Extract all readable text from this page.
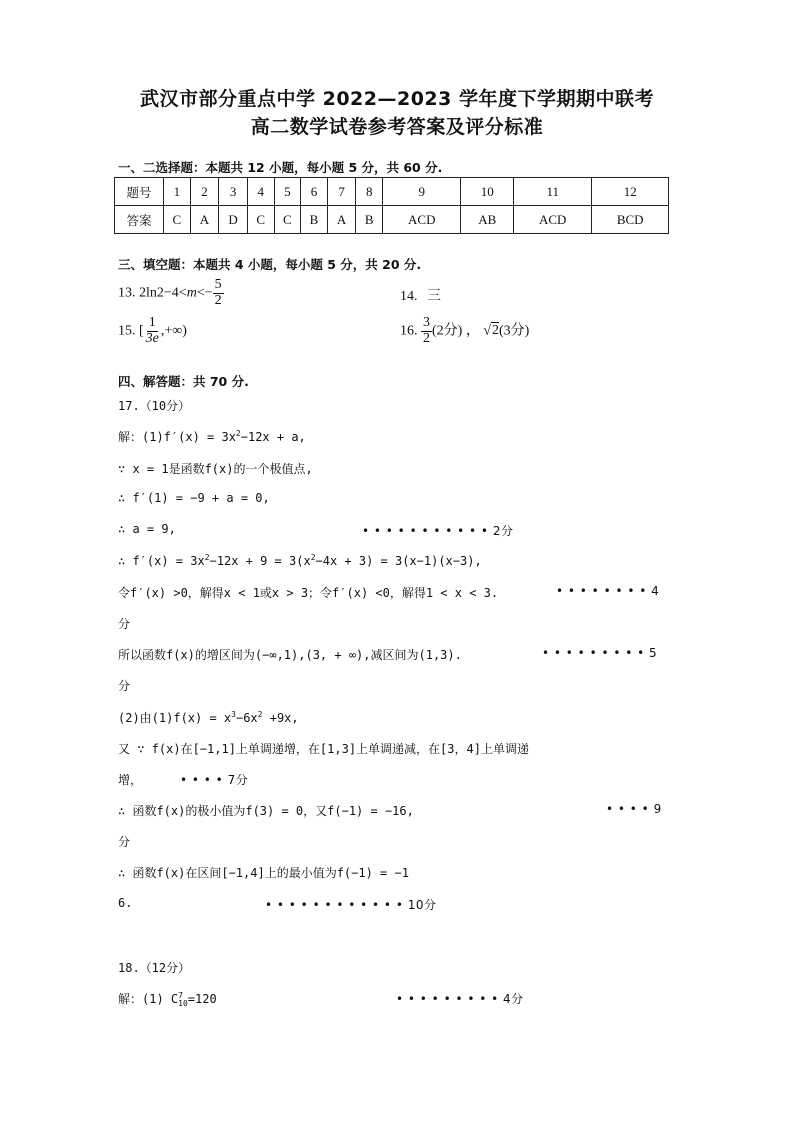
武汉市部分重点中学 2022—2023 学年度下学期期中联考
高二数学试卷参考答案及评分标准
一、二选择题：本题共 12 小题，每小题 5 分，共 60 分.
题号	1	2	3	4	5	6	7	8	9	10	11	12
答案	C	A	D	C	C	B	A	B	ACD	AB	ACD	BCD
三、填空题：本题共 4 小题，每小题 5 分，共 20 分.
13. $2\ln 2-4<m<- \frac{5}{2}$	14. 三
15. [ $\frac{1}{3e}$ ,+∞)	16. $\frac{3}{2} (2$分) ， √2(3分)
四、解答题：共 70 分.
17.（10分）
解：$(1)f'(x) = 3x^2-12x + a$,
∵ x = 1是函数f(x)的一个极值点,
∴ f′(1) = −9 + a = 0,
∴ a = 9,	• • • • • • • • • • • 2分
∴ $f'(x) = 3x^2-12x + 9 = 3(x^2-4x + 3) = 3(x-1)(x-3)$,
令f′(x) >0，解得x < 1或x > 3；令f′(x) <0，解得1 < x < 3.	• • • • • • • • 4
分
所以函数f(x)的增区间为(−∞,1),(3, + ∞),减区间为(1,3).	• • • • • • • • • 5
分
(2)由$(1)f(x) = x^3-6x^2 +9x$,
又 ∵ f(x)在[−1,1]上单调递增，在[1,3]上单调递减，在[3，4]上单调递
增，	• • • • 7分
∴ 函数f(x)的极小值为f(3) = 0，又f(−1) = −16,	• • • • 9
分
∴ 函数f(x)在区间[−1,4]上的最小值为f(−1) = −1
6.	• • • • • • • • • • • • 10分
18.（12分）
解：(1) C 7
10 =120	• • • • • • • • • 4分
